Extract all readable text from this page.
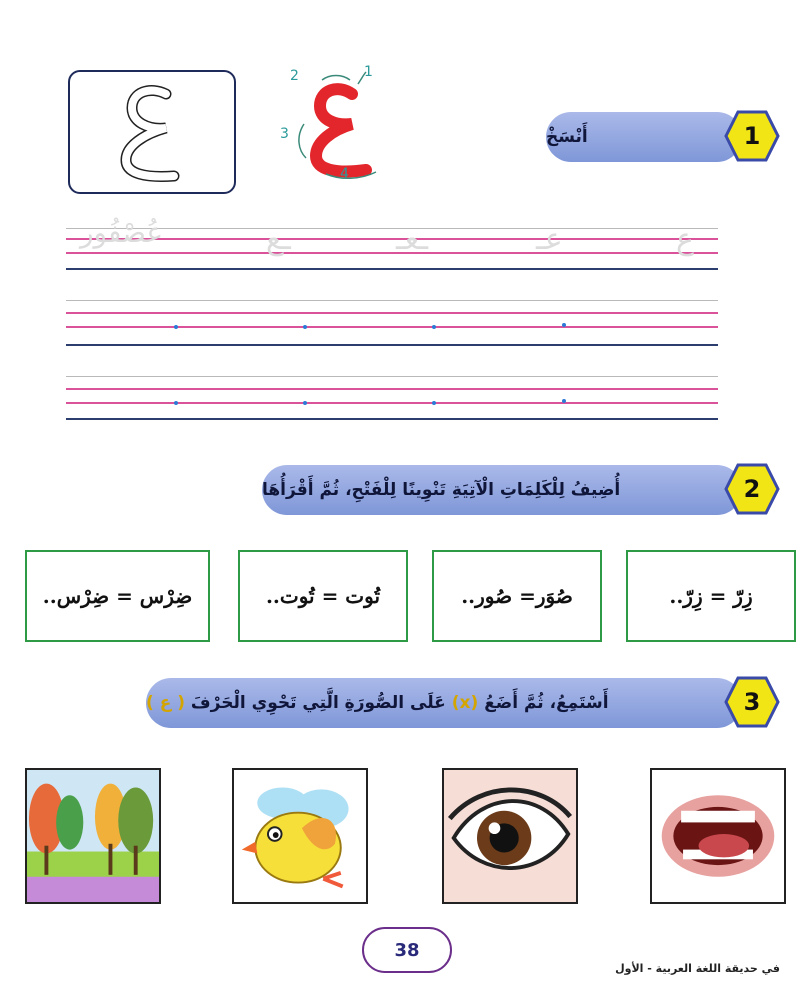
1
2
3
4
أَنْسَخْ	1
ع
عـ
ـعـ
ـع
عُصْفُور
أُضِيفُ لِلْكَلِمَاتِ الْآتِيَةِ تَنْوِينًا لِلْفَتْحِ، ثُمَّ أَقْرَأُهَا	2
زِرّ = زِرّ..
صُوَر= صُور..
تُوت = تُوت..
ضِرْس = ضِرْس..
أَسْتَمِعُ، ثُمَّ أَضَعُ (x) عَلَى الصُّورَةِ الَّتِي تَحْوِي الْحَرْفَ ( ع )	3
38
في حديقة اللغة العربية - الأول
